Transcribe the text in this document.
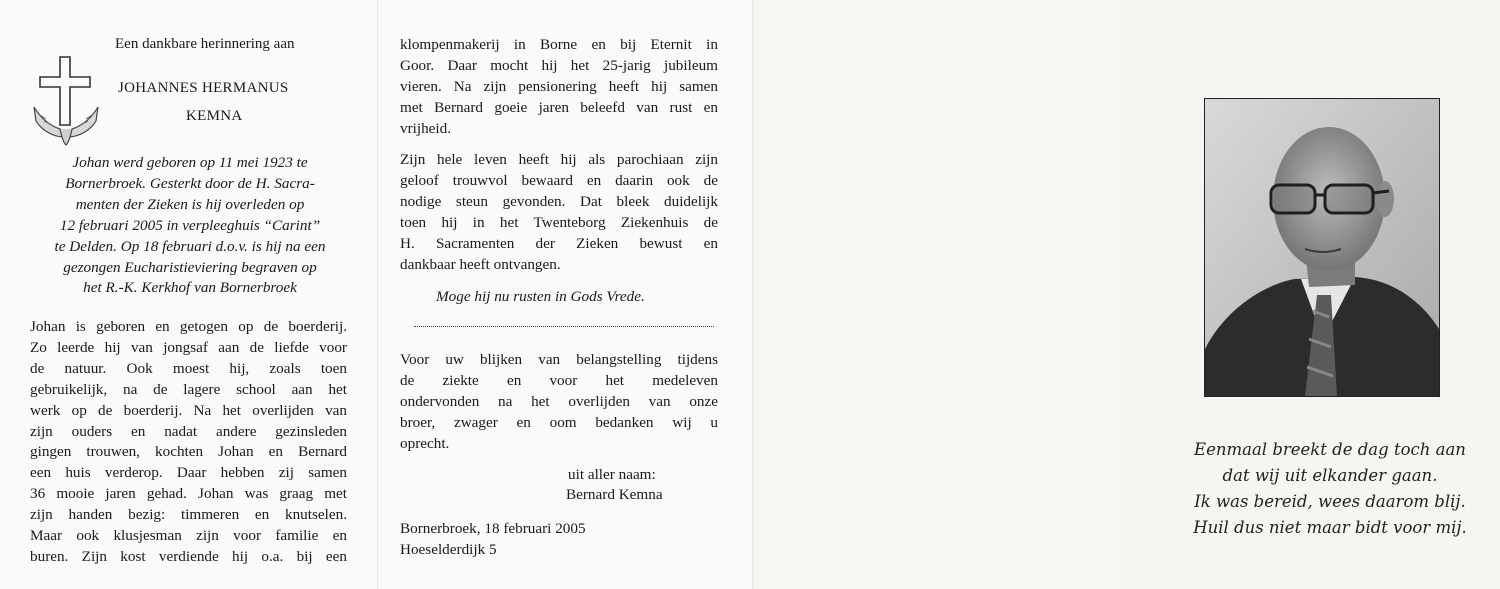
Een dankbare herinnering aan
JOHANNES HERMANUS
KEMNA
Johan werd geboren op 11 mei 1923 te
Bornerbroek. Gesterkt door de H. Sacra-
menten der Zieken is hij overleden op
12 februari 2005 in verpleeghuis “Carint”
te Delden. Op 18 februari d.o.v. is hij na een
gezongen Eucharistieviering begraven op
het R.-K. Kerkhof van Bornerbroek
Johan is geboren en getogen op de boerderij.
Zo leerde hij van jongsaf aan de liefde voor
de natuur. Ook moest hij, zoals toen
gebruikelijk, na de lagere school aan het
werk op de boerderij. Na het overlijden van
zijn ouders en nadat andere gezinsleden
gingen trouwen, kochten Johan en Bernard
een huis verderop. Daar hebben zij samen
36 mooie jaren gehad. Johan was graag met
zijn handen bezig: timmeren en knutselen.
Maar ook klusjesman zijn voor familie en
buren. Zijn kost verdiende hij o.a. bij een
klompenmakerij in Borne en bij Eternit in
Goor. Daar mocht hij het 25-jarig jubileum
vieren. Na zijn pensionering heeft hij samen
met Bernard goeie jaren beleefd van rust en
vrijheid.
Zijn hele leven heeft hij als parochiaan zijn
geloof trouwvol bewaard en daarin ook de
nodige steun gevonden. Dat bleek duidelijk
toen hij in het Twenteborg Ziekenhuis de
H. Sacramenten der Zieken bewust en
dankbaar heeft ontvangen.
Moge hij nu rusten in Gods Vrede.
Voor uw blijken van belangstelling tijdens
de ziekte en voor het medeleven
ondervonden na het overlijden van onze
broer, zwager en oom bedanken wij u
oprecht.
uit aller naam:
Bernard Kemna
Bornerbroek, 18 februari 2005
Hoeselderdijk 5
Eenmaal breekt de dag toch aan
dat wij uit elkander gaan.
Ik was bereid, wees daarom blij.
Huil dus niet maar bidt voor mij.
